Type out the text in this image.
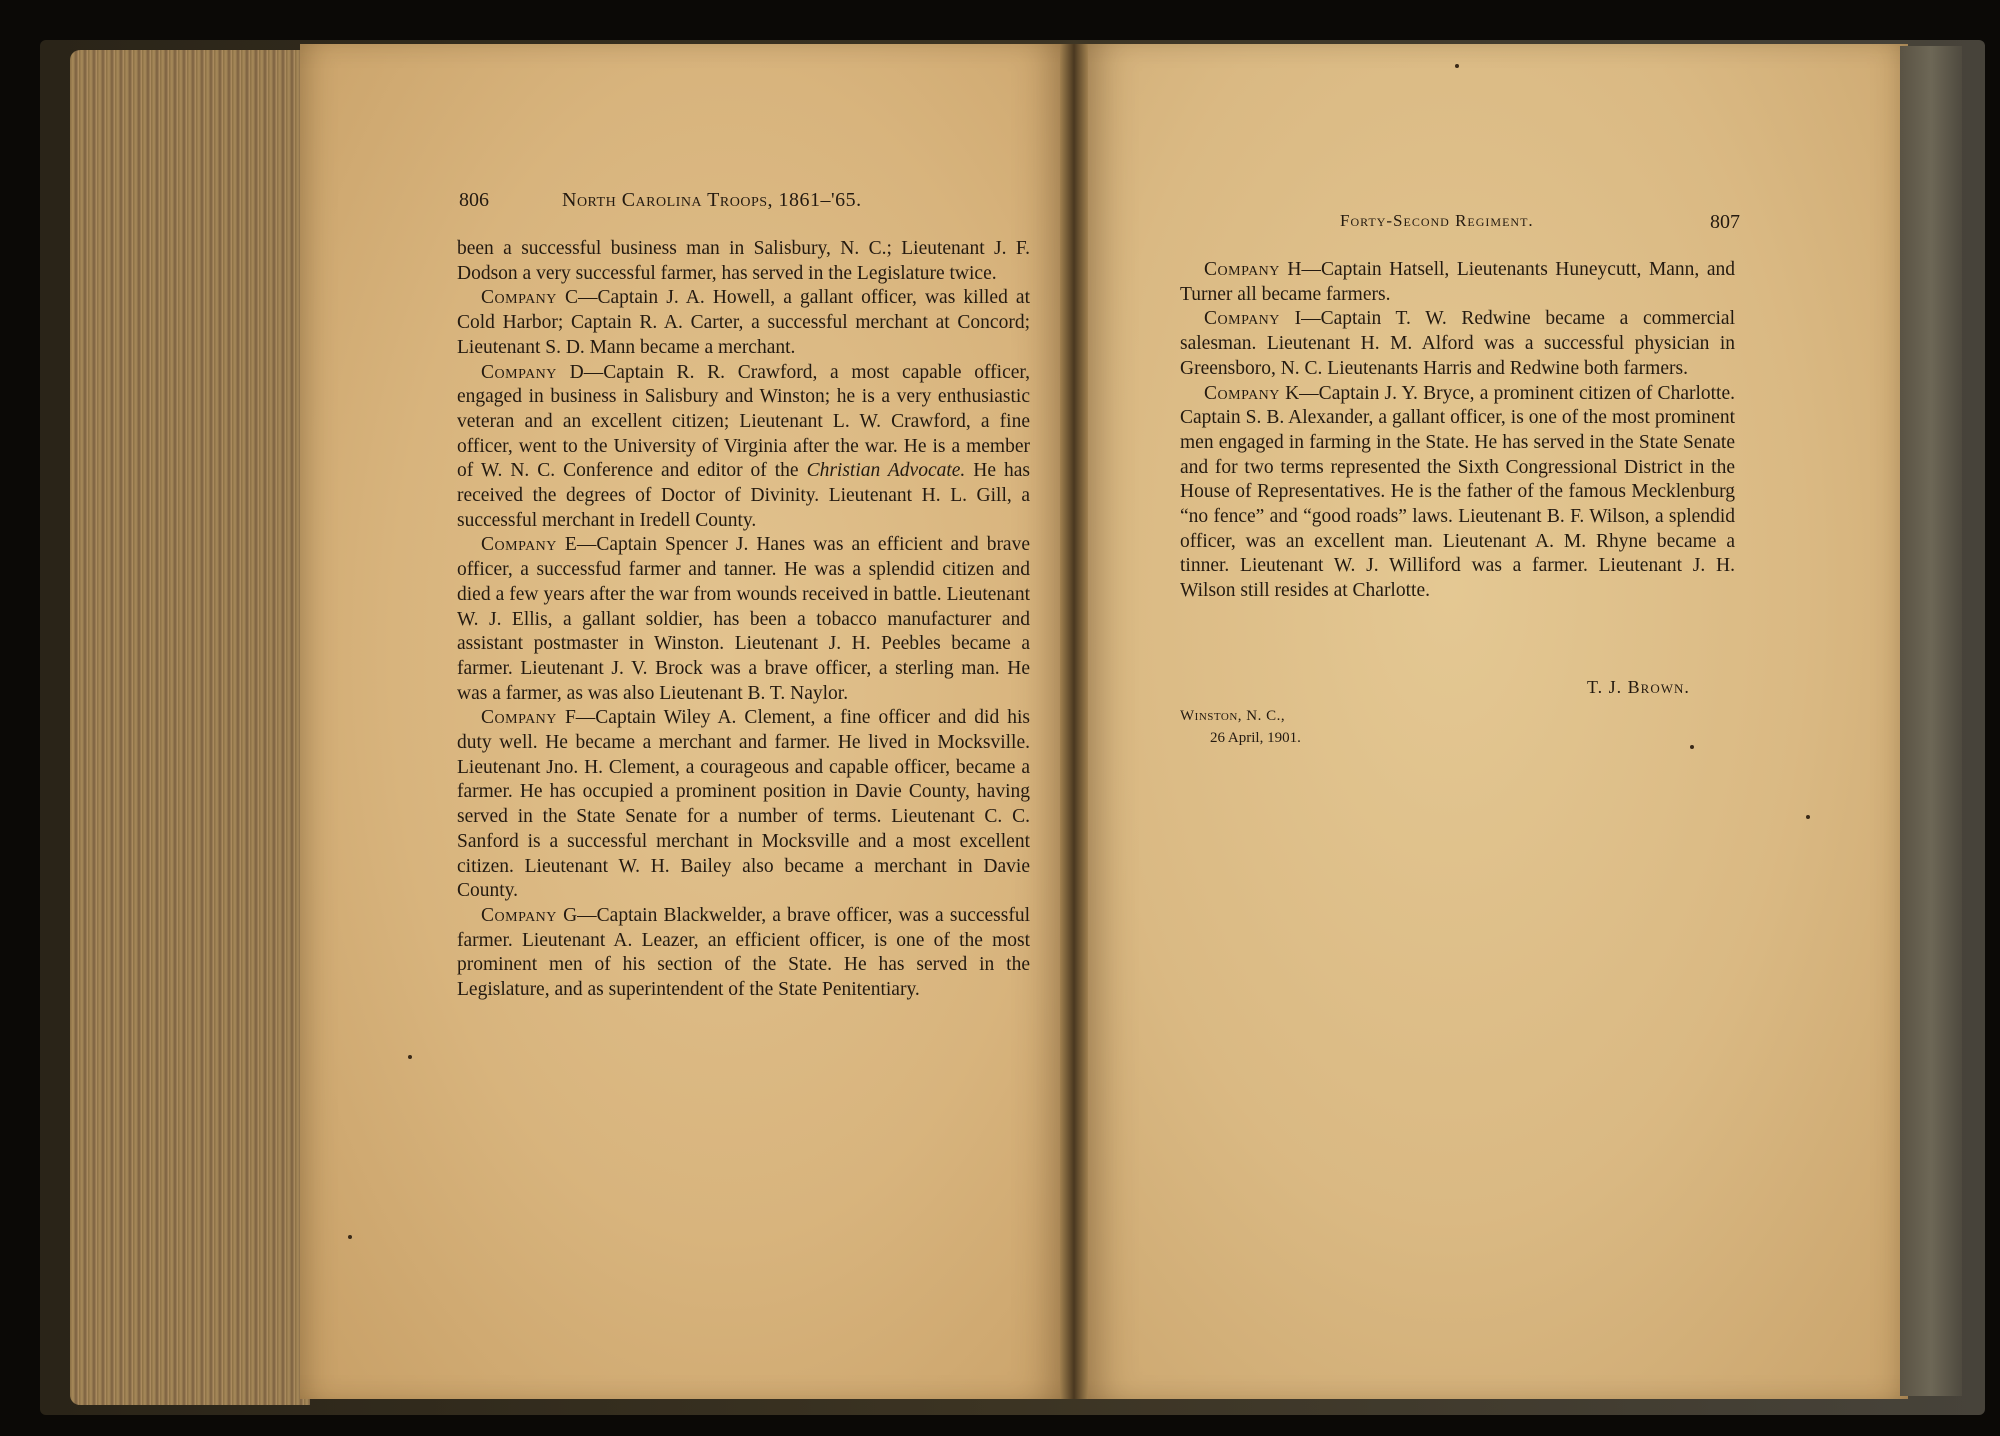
806	North Carolina Troops, 1861–'65.

been a successful business man in Salisbury, N. C.; Lieutenant J. F. Dodson a very successful farmer, has served in the Legislature twice.

Company C—Captain J. A. Howell, a gallant officer, was killed at Cold Harbor; Captain R. A. Carter, a successful merchant at Concord; Lieutenant S. D. Mann became a merchant.

Company D—Captain R. R. Crawford, a most capable officer, engaged in business in Salisbury and Winston; he is a very enthusiastic veteran and an excellent citizen; Lieutenant L. W. Crawford, a fine officer, went to the University of Virginia after the war. He is a member of W. N. C. Conference and editor of the Christian Advocate. He has received the degrees of Doctor of Divinity. Lieutenant H. L. Gill, a successful merchant in Iredell County.

Company E—Captain Spencer J. Hanes was an efficient and brave officer, a successfud farmer and tanner. He was a splendid citizen and died a few years after the war from wounds received in battle. Lieutenant W. J. Ellis, a gallant soldier, has been a tobacco manufacturer and assistant postmaster in Winston. Lieutenant J. H. Peebles became a farmer. Lieutenant J. V. Brock was a brave officer, a sterling man. He was a farmer, as was also Lieutenant B. T. Naylor.

Company F—Captain Wiley A. Clement, a fine officer and did his duty well. He became a merchant and farmer. He lived in Mocksville. Lieutenant Jno. H. Clement, a courageous and capable officer, became a farmer. He has occupied a prominent position in Davie County, having served in the State Senate for a number of terms. Lieutenant C. C. Sanford is a successful merchant in Mocksville and a most excellent citizen. Lieutenant W. H. Bailey also became a merchant in Davie County.

Company G—Captain Blackwelder, a brave officer, was a successful farmer. Lieutenant A. Leazer, an efficient officer, is one of the most prominent men of his section of the State. He has served in the Legislature, and as superintendent of the State Penitentiary.

Forty-Second Regiment.	807

Company H—Captain Hatsell, Lieutenants Huneycutt, Mann, and Turner all became farmers.

Company I—Captain T. W. Redwine became a commercial salesman. Lieutenant H. M. Alford was a successful physician in Greensboro, N. C. Lieutenants Harris and Redwine both farmers.

Company K—Captain J. Y. Bryce, a prominent citizen of Charlotte. Captain S. B. Alexander, a gallant officer, is one of the most prominent men engaged in farming in the State. He has served in the State Senate and for two terms represented the Sixth Congressional District in the House of Representatives. He is the father of the famous Mecklenburg “no fence” and “good roads” laws. Lieutenant B. F. Wilson, a splendid officer, was an excellent man. Lieutenant A. M. Rhyne became a tinner. Lieutenant W. J. Williford was a farmer. Lieutenant J. H. Wilson still resides at Charlotte.

T. J. Brown.
Winston, N. C.,
26 April, 1901.
